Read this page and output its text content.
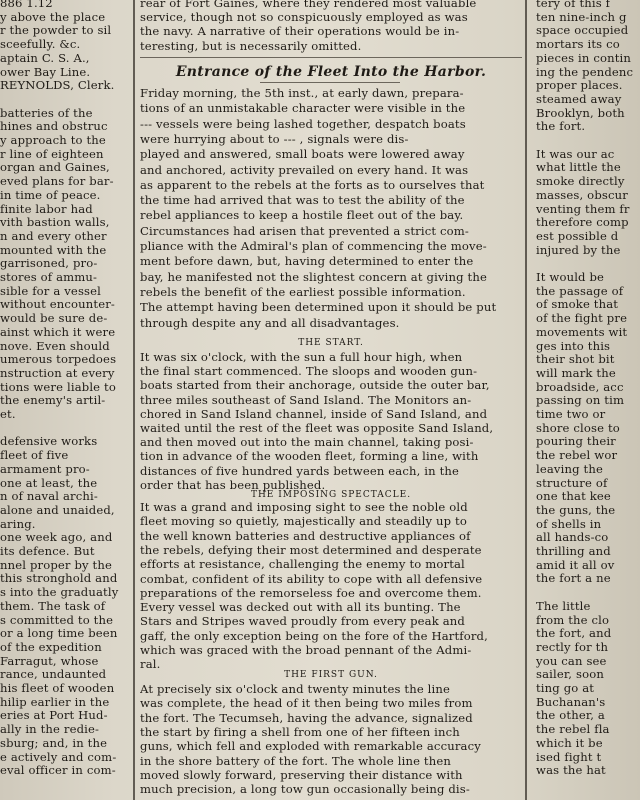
886 1.12
y above the place
r the powder to sil
sceefully. &c.
aptain C. S. A.,
ower Bay Line.
REYNOLDS, Clerk.
batteries of the
hines and obstruc
y approach to the
r line of eighteen
organ and Gaines,
eved plans for bar-
in time of peace.
finite labor had
vith bastion walls,
n and every other
mounted with the
garrisoned, pro-
stores of ammu-
sible for a vessel
without encounter-
would be sure de-
ainst which it were
nove. Even should
umerous torpedoes
nstruction at every
tions were liable to
the enemy's artil-
et.
defensive works
fleet of five
armament pro-
one at least, the
n of naval archi-
alone and unaided,
aring.
one week ago, and
its defence. But
nnel proper by the
this stronghold and
s into the graduatly
them. The task of
s committed to the
or a long time been
of the expedition
Farragut, whose
rance, undaunted
his fleet of wooden
hilip earlier in the
eries at Port Hud-
ally in the redie-
sburg; and, in the
e actively and com-
eval officer in com-
Entrance of the Fleet Into the Harbor.
THE START.
THE IMPOSING SPECTACLE.
THE FIRST GUN.
rear of Fort Gaines, where they rendered most valuable
service, though not so conspicuously employed as was
the navy. A narrative of their operations would be in-
teresting, but is necessarily omitted.
Friday morning, the 5th inst., at early dawn, prepara-
tions of an unmistakable character were visible in the
--- vessels were being lashed together, despatch boats
were hurrying about to --- , signals were dis-
played and answered, small boats were lowered away
and anchored, activity prevailed on every hand. It was
as apparent to the rebels at the forts as to ourselves that
the time had arrived that was to test the ability of the
rebel appliances to keep a hostile fleet out of the bay.
Circumstances had arisen that prevented a strict com-
pliance with the Admiral's plan of commencing the move-
ment before dawn, but, having determined to enter the
bay, he manifested not the slightest concern at giving the
rebels the benefit of the earliest possible information.
The attempt having been determined upon it should be put
through despite any and all disadvantages.
It was six o'clock, with the sun a full hour high, when
the final start commenced. The sloops and wooden gun-
boats started from their anchorage, outside the outer bar,
three miles southeast of Sand Island. The Monitors an-
chored in Sand Island channel, inside of Sand Island, and
waited until the rest of the fleet was opposite Sand Island,
and then moved out into the main channel, taking posi-
tion in advance of the wooden fleet, forming a line, with
distances of five hundred yards between each, in the
order that has been published.
It was a grand and imposing sight to see the noble old
fleet moving so quietly, majestically and steadily up to
the well known batteries and destructive appliances of
the rebels, defying their most determined and desperate
efforts at resistance, challenging the enemy to mortal
combat, confident of its ability to cope with all defensive
preparations of the remorseless foe and overcome them.
Every vessel was decked out with all its bunting. The
Stars and Stripes waved proudly from every peak and
gaff, the only exception being on the fore of the Hartford,
which was graced with the broad pennant of the Admi-
ral.
At precisely six o'clock and twenty minutes the line
was complete, the head of it then being two miles from
the fort. The Tecumseh, having the advance, signalized
the start by firing a shell from one of her fifteen inch
guns, which fell and exploded with remarkable accuracy
in the shore battery of the fort. The whole line then
moved slowly forward, preserving their distance with
much precision, a long tow gun occasionally being dis-
tery of this f
ten nine-inch g
space occupied
mortars its co
pieces in contin
ing the pendenc
proper places.
steamed away
Brooklyn, both
the fort.
It was our ac
what little the
smoke directly
masses, obscur
venting them fr
therefore comp
est possible d
injured by the
It would be
the passage of
of smoke that
of the fight pre
movements wit
ges into this
their shot bit
will mark the
broadside, acc
passing on tim
time two or
shore close to
pouring their
the rebel wor
leaving the
structure of
one that kee
the guns, the
of shells in
all hands-co
thrilling and
amid it all ov
the fort a ne
The little
from the clo
the fort, and
rectly for th
you can see
sailer, soon
ting go at
Buchanan's
the other, a
the rebel fla
which it be
ised fight t
was the hat
